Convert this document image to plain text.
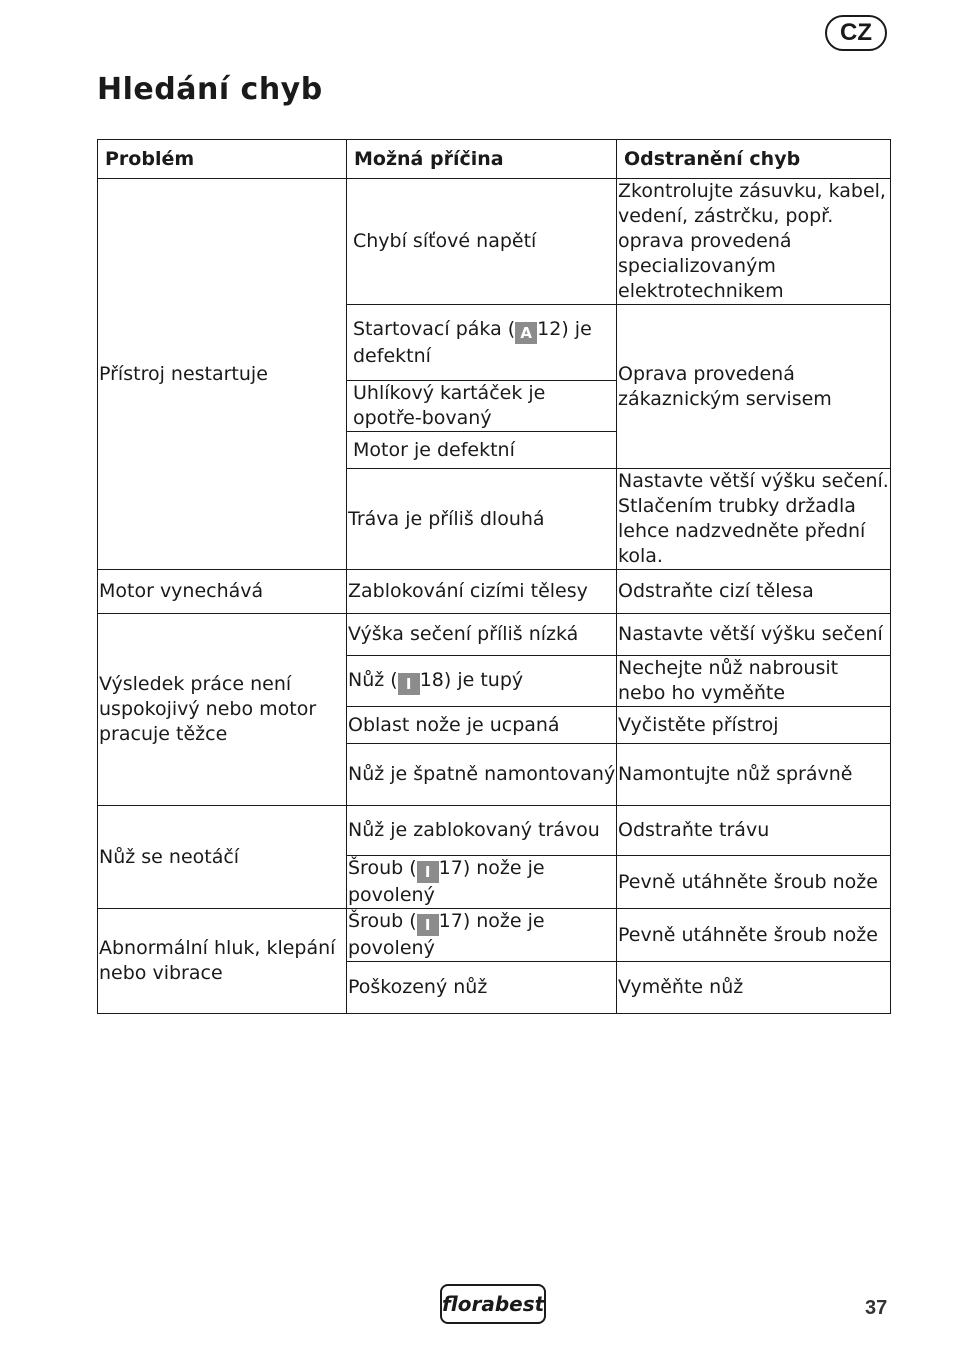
CZ
Hledání chyb
Problém	Možná příčina	Odstranění chyb
Přístroj nestartuje	Chybí síťové napětí	Zkontrolujte zásuvku, kabel, vedení, zástrčku, popř. oprava provedená specializovaným elektrotechnikem
	Startovací páka ( A 12) je defektní	Oprava provedená zákaznickým servisem
	Uhlíkový kartáček je opotře-bovaný	
	Motor je defektní	
	Tráva je příliš dlouhá	Nastavte větší výšku sečení. Stlačením trubky držadla lehce nadzvedněte přední kola.
Motor vynechává	Zablokování cizími tělesy	Odstraňte cizí tělesa
Výsledek práce není uspokojivý nebo motor pracuje těžce	Výška sečení příliš nízká	Nastavte větší výšku sečení
	Nůž ( I 18) je tupý	Nechejte nůž nabrousit nebo ho vyměňte
	Oblast nože je ucpaná	Vyčistěte přístroj
	Nůž je špatně namontovaný	Namontujte nůž správně
Nůž se neotáčí	Nůž je zablokovaný trávou	Odstraňte trávu
	Šroub ( I 17) nože je povolený	Pevně utáhněte šroub nože
Abnormální hluk, klepání nebo vibrace	Šroub ( I 17) nože je povolený	Pevně utáhněte šroub nože
	Poškozený nůž	Vyměňte nůž
florabest	37
